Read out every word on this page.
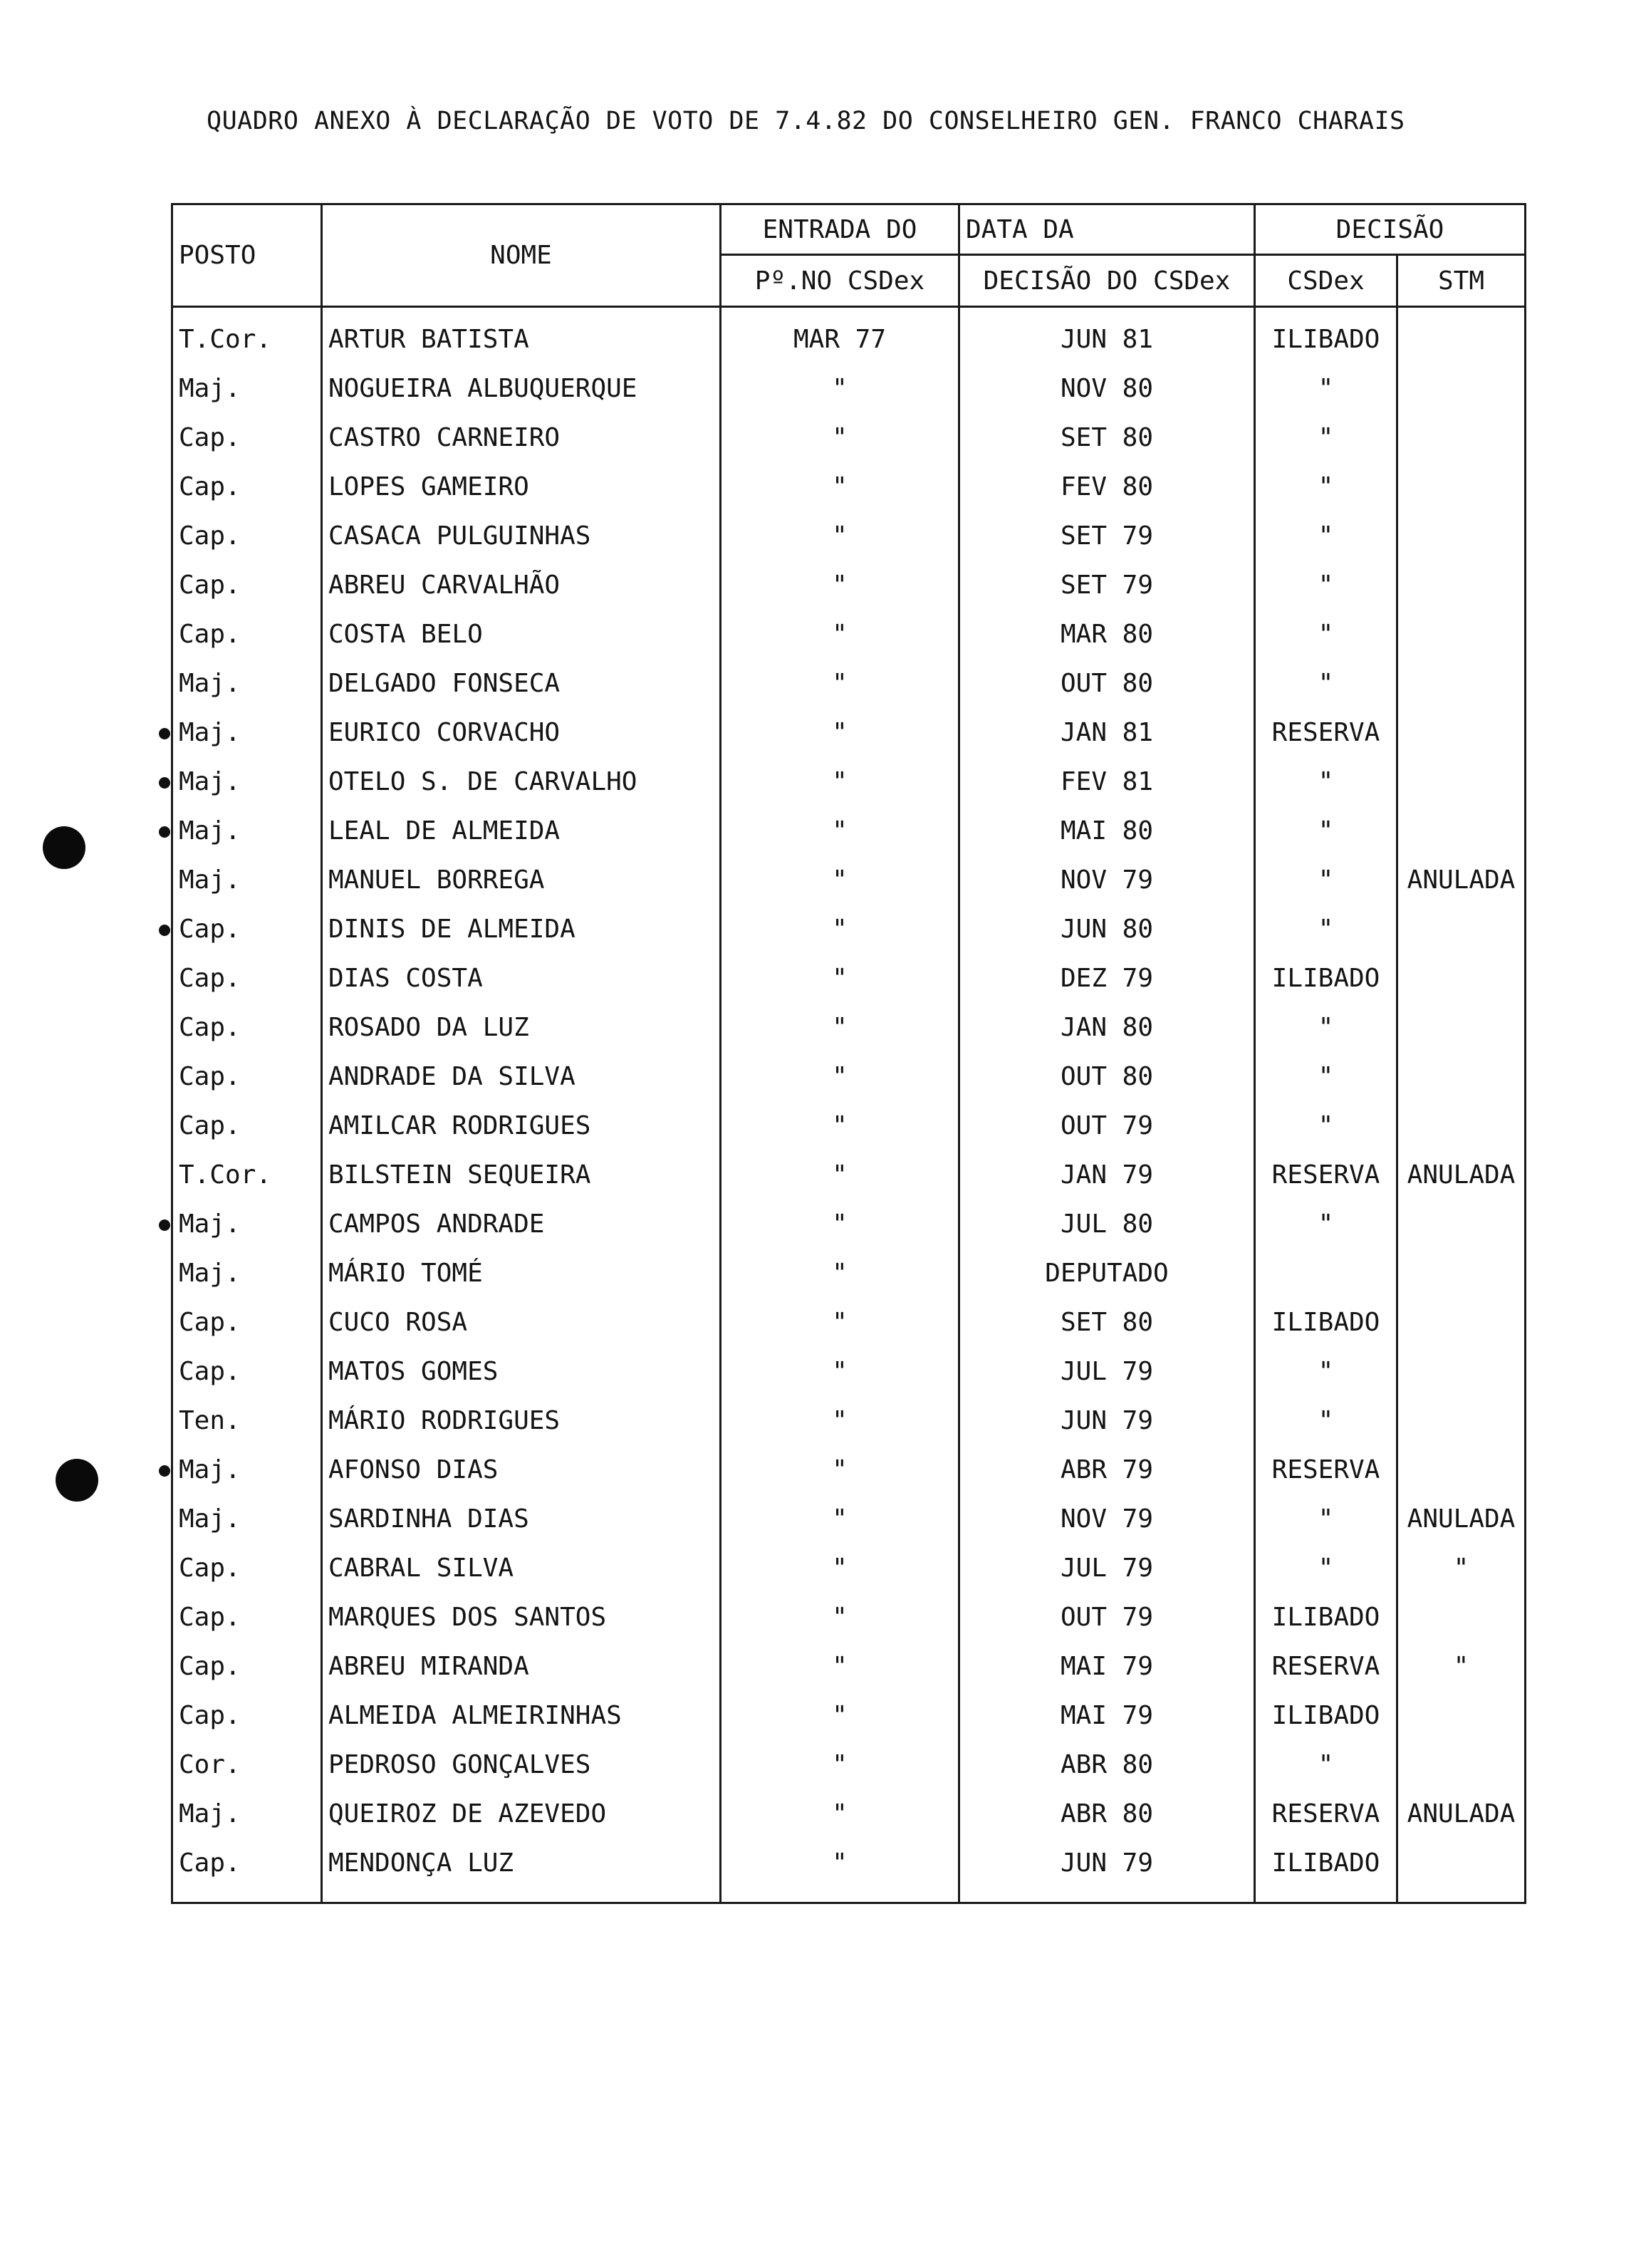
QUADRO ANEXO À DECLARAÇÃO DE VOTO DE 7.4.82 DO CONSELHEIRO GEN. FRANCO CHARAIS
POSTO	NOME	ENTRADA DO	DATA DA	DECISÃO	
		Pº.NO CSDex	DECISÃO DO CSDex	CSDex	STM
T.Cor.	ARTUR BATISTA	MAR 77	JUN 81	ILIBADO	
Maj.	NOGUEIRA ALBUQUERQUE	"	NOV 80	"	
Cap.	CASTRO CARNEIRO	"	SET 80	"	
Cap.	LOPES GAMEIRO	"	FEV 80	"	
Cap.	CASACA PULGUINHAS	"	SET 79	"	
Cap.	ABREU CARVALHÃO	"	SET 79	"	
Cap.	COSTA BELO	"	MAR 80	"	
Maj.	DELGADO FONSECA	"	OUT 80	"	
Maj.	EURICO CORVACHO	"	JAN 81	RESERVA	
Maj.	OTELO S. DE CARVALHO	"	FEV 81	"	
Maj.	LEAL DE ALMEIDA	"	MAI 80	"	
Maj.	MANUEL BORREGA	"	NOV 79	"	ANULADA
Cap.	DINIS DE ALMEIDA	"	JUN 80	"	
Cap.	DIAS COSTA	"	DEZ 79	ILIBADO	
Cap.	ROSADO DA LUZ	"	JAN 80	"	
Cap.	ANDRADE DA SILVA	"	OUT 80	"	
Cap.	AMILCAR RODRIGUES	"	OUT 79	"	
T.Cor.	BILSTEIN SEQUEIRA	"	JAN 79	RESERVA	ANULADA
Maj.	CAMPOS ANDRADE	"	JUL 80	"	
Maj.	MÁRIO TOMÉ	"	DEPUTADO		
Cap.	CUCO ROSA	"	SET 80	ILIBADO	
Cap.	MATOS GOMES	"	JUL 79	"	
Ten.	MÁRIO RODRIGUES	"	JUN 79	"	
Maj.	AFONSO DIAS	"	ABR 79	RESERVA	
Maj.	SARDINHA DIAS	"	NOV 79	"	ANULADA
Cap.	CABRAL SILVA	"	JUL 79	"	"
Cap.	MARQUES DOS SANTOS	"	OUT 79	ILIBADO	
Cap.	ABREU MIRANDA	"	MAI 79	RESERVA	"
Cap.	ALMEIDA ALMEIRINHAS	"	MAI 79	ILIBADO	
Cor.	PEDROSO GONÇALVES	"	ABR 80	"	
Maj.	QUEIROZ DE AZEVEDO	"	ABR 80	RESERVA	ANULADA
Cap.	MENDONÇA LUZ	"	JUN 79	ILIBADO	
